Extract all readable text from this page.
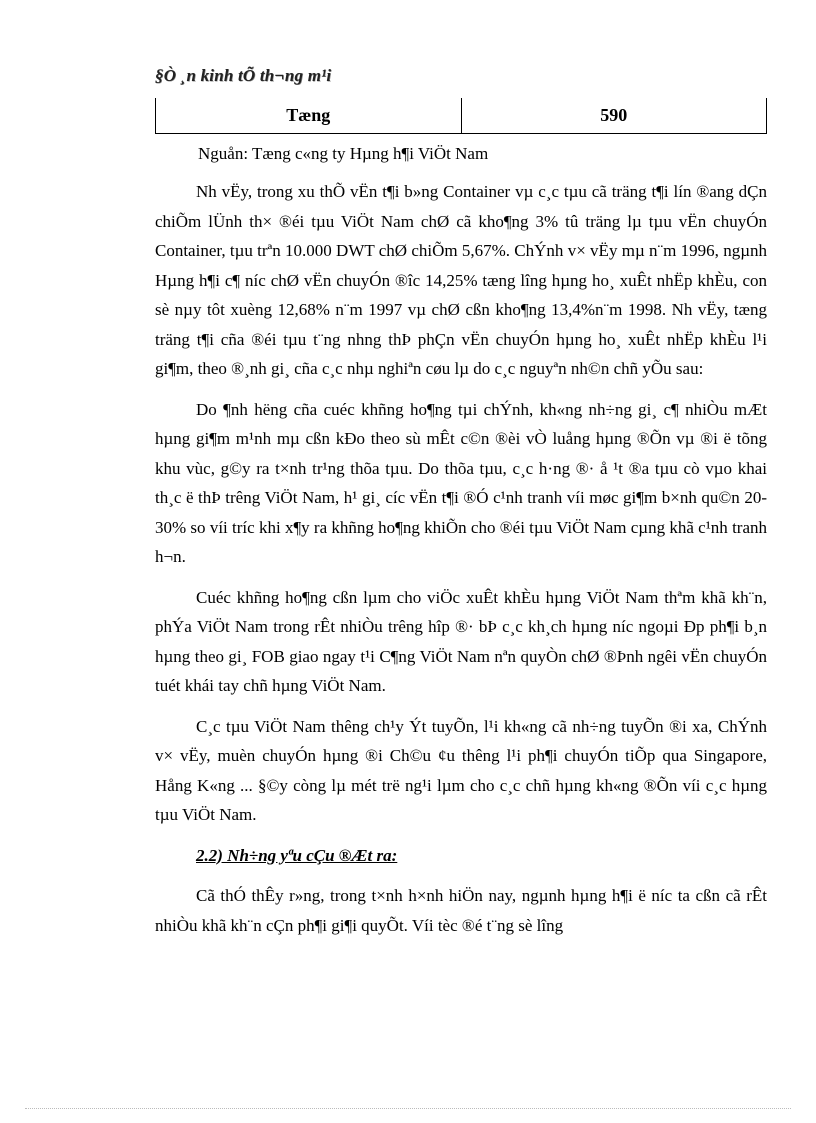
§Ò ¸n kinh tÕ th¬ng m¹i
Tæng	590
Nguån: Tæng c«ng ty Hµng h¶i ViÖt Nam

Nh vËy, trong xu thÕ vËn t¶i b»ng Container vµ c¸c tµu cã träng t¶i lín ®ang dÇn chiÕm lÜnh th× ®éi tµu ViÖt Nam chØ cã kho¶ng 3% tû träng lµ tµu vËn chuyÓn Container, tµu trªn 10.000 DWT chØ chiÕm 5,67%. ChÝnh v× vËy mµ n¨m 1996, ngµnh Hµng h¶i c¶ níc chØ vËn chuyÓn ®îc 14,25% tæng lîng hµng ho¸ xuÊt nhËp khÈu, con sè nµy tôt xuèng 12,68% n¨m 1997 vµ chØ cßn kho¶ng 13,4%n¨m 1998. Nh vËy, tæng träng t¶i cña ®éi tµu t¨ng nhng thÞ phÇn vËn chuyÓn hµng ho¸ xuÊt nhËp khÈu l¹i gi¶m, theo ®¸nh gi¸ cña c¸c nhµ nghiªn cøu lµ do c¸c nguyªn nh©n chñ yÕu sau:

Do ¶nh hëng cña cuéc khñng ho¶ng tµi chÝnh, kh«ng nh÷ng gi¸ c¶ nhiÒu mÆt hµng gi¶m m¹nh mµ cßn kÐo theo sù mÊt c©n ®èi vÒ luång hµng ®Õn vµ ®i ë tõng khu vùc, g©y ra t×nh tr¹ng thõa tµu. Do thõa tµu, c¸c h·ng ®· å ¹t ®a tµu cò vµo khai th¸c ë thÞ trêng ViÖt Nam, h¹ gi¸ cíc vËn t¶i ®Ó c¹nh tranh víi møc gi¶m b×nh qu©n 20-30% so víi tríc khi x¶y ra khñng ho¶ng khiÕn cho ®éi tµu ViÖt Nam cµng khã c¹nh tranh h¬n.

Cuéc khñng ho¶ng cßn lµm cho viÖc xuÊt khÈu hµng ViÖt Nam thªm khã kh¨n, phÝa ViÖt Nam trong rÊt nhiÒu trêng hîp ®· bÞ c¸c kh¸ch hµng níc ngoµi Ðp ph¶i b¸n hµng theo gi¸ FOB giao ngay t¹i C¶ng ViÖt Nam nªn quyÒn chØ ®Þnh ngêi vËn chuyÓn tuét khái tay chñ hµng ViÖt Nam.

C¸c tµu ViÖt Nam thêng ch¹y Ýt tuyÕn, l¹i kh«ng cã nh÷ng tuyÕn ®i xa, ChÝnh v× vËy, muèn chuyÓn hµng ®i Ch©u ¢u thêng l¹i ph¶i chuyÓn tiÕp qua Singapore, Hång K«ng ... §©y còng lµ mét trë ng¹i lµm cho c¸c chñ hµng kh«ng ®Õn víi c¸c hµng tµu ViÖt Nam.

2.2) Nh÷ng yªu cÇu ®Æt ra:

Cã thÓ thÊy r»ng, trong t×nh h×nh hiÖn nay, ngµnh hµng h¶i ë níc ta cßn cã rÊt nhiÒu khã kh¨n cÇn ph¶i gi¶i quyÕt. Víi tèc ®é t¨ng sè lîng
